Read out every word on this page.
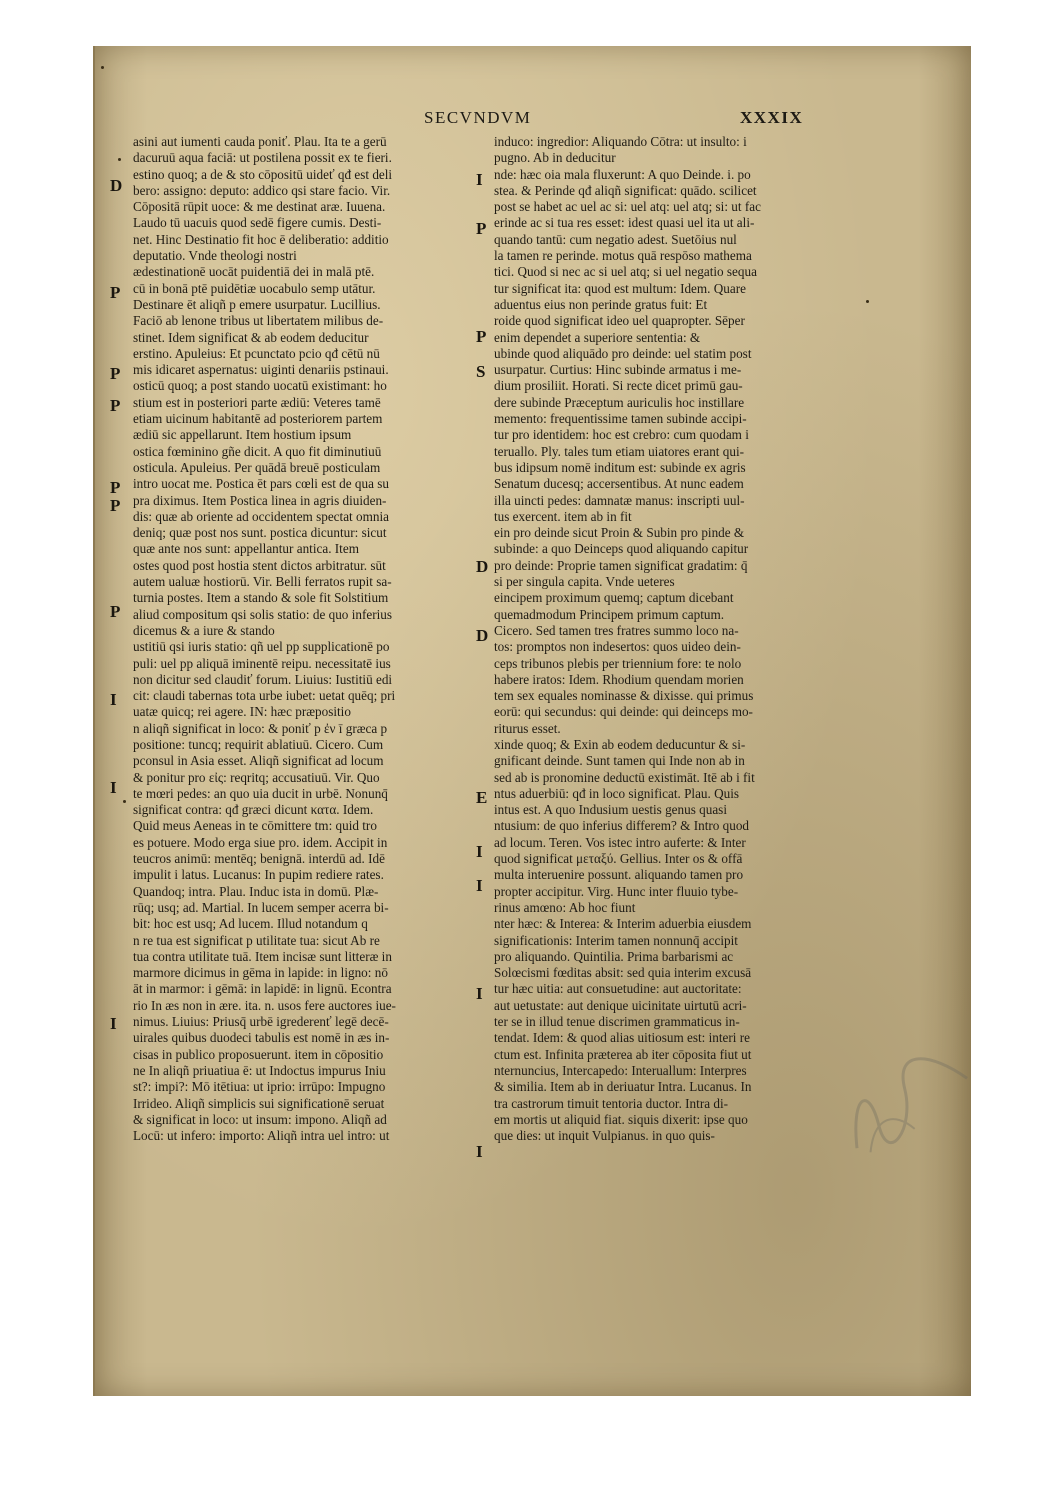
SECVNDVM	XXXIX
asini aut iumenti cauda poniť. Plau. Ita te a gerū
dacuruū aqua faciā: ut postilena possit ex te fieri.
estino quoq; a de & sto cōpositū uideť qđ est deli
bero: assigno: deputo: addico qsi stare facio. Vir.
Cōpositā rūpit uoce: & me destinat aræ. Iuuena.
Laudo tū uacuis quod sedē figere cumis. Desti-
net. Hinc Destinatio fit hoc ē deliberatio: additio
deputatio. Vnde theologi nostri
ædestinationē uocāt puidentiā dei in malā ptē.
cū in bonā ptē puidētiæ uocabulo semp utātur.
Destinare ēt aliqñ p emere usurpatur. Lucillius.
Faciō ab lenone tribus ut libertatem milibus de-
stinet. Idem significat & ab eodem deducitur
erstino. Apuleius: Et pcunctato pcio qđ cētū nū
mis idicaret aspernatus: uiginti denariis pstinaui.
osticū quoq; a post stando uocatū existimant: ho
stium est in posteriori parte ædiū: Veteres tamē
etiam uicinum habitantē ad posteriorem partem
ædiū sic appellarunt. Item hostium ipsum
ostica fœminino gñe dicit. A quo fit diminutiuū
osticula. Apuleius. Per quādā breuē posticulam
intro uocat me. Postica ēt pars cœli est de qua su
pra diximus. Item Postica linea in agris diuiden-
dis: quæ ab oriente ad occidentem spectat omnia
deniq; quæ post nos sunt. postica dicuntur: sicut
quæ ante nos sunt: appellantur antica. Item
ostes quod post hostia stent dictos arbitratur. sūt
autem ualuæ hostiorū. Vir. Belli ferratos rupit sa-
turnia postes. Item a stando & sole fit Solstitium
aliud compositum qsi solis statio: de quo inferius
dicemus & a iure & stando
ustitiū qsi iuris statio: qñ uel pp supplicationē po
puli: uel pp aliquā iminentē reipu. necessitatē ius
non dicitur sed claudiť forum. Liuius: Iustitiū edi
cit: claudi tabernas tota urbe iubet: uetat quēq; pri
uatæ quicq; rei agere. IN: hæc præpositio
n aliqñ significat in loco: & poniť p ἐν ī græca p
positione: tuncq; requirit ablatiuū. Cicero. Cum
pconsul in Asia esset. Aliqñ significat ad locum
& ponitur pro εἰς: reqritq; accusatiuū. Vir. Quo
te mœri pedes: an quo uia ducit in urbē. Nonunq̄
significat contra: qđ græci dicunt κατα. Idem.
Quid meus Aeneas in te cōmittere tm: quid tro
es potuere. Modo erga siue pro. idem. Accipit in
teucros animū: mentēq; benignā. interdū ad. Idē
impulit i latus. Lucanus: In pupim rediere rates.
Quandoq; intra. Plau. Induc ista in domū. Plæ-
rūq; usq; ad. Martial. In lucem semper acerra bi-
bit: hoc est usq; Ad lucem. Illud notandum q
n re tua est significat p utilitate tua: sicut Ab re
tua contra utilitate tuā. Item incisæ sunt litteræ in
marmore dicimus in gēma in lapide: in ligno: nō
āt in marmor: i gēmā: in lapidē: in lignū. Econtra
rio In æs non in ære. ita. n. usos fere auctores iue-
nimus. Liuius: Priusq̄ urbē igrederenť legē decē-
uirales quibus duodeci tabulis est nomē in æs in-
cisas in publico proposuerunt. item in cōpositio
ne In aliqñ priuatiua ē: ut Indoctus impurus Iniu
st?: impi?: Mō itētiua: ut iprio: irrūpo: Impugno
Irrideo. Aliqñ simplicis sui significationē seruat
& significat in loco: ut insum: impono. Aliqñ ad
Locū: ut infero: importo: Aliqñ intra uel intro: ut
induco: ingredior: Aliquando Cōtra: ut insulto: i
pugno. Ab in deducitur
nde: hæc oia mala fluxerunt: A quo Deinde. i. po
stea. & Perinde qđ aliqñ significat: quādo. scilicet
post se habet ac uel ac si: uel atq: uel atq; si: ut fac
erinde ac si tua res esset: idest quasi uel ita ut ali-
quando tantū: cum negatio adest. Suetōius nul
la tamen re perinde. motus quā respōso mathema
tici. Quod si nec ac si uel atq; si uel negatio sequa
tur significat ita: quod est multum: Idem. Quare
aduentus eius non perinde gratus fuit: Et
roide quod significat ideo uel quapropter. Sēper
enim dependet a superiore sententia: &
ubinde quod aliquādo pro deinde: uel statim post
usurpatur. Curtius: Hinc subinde armatus i me-
dium prosiliit. Horati. Si recte dicet primū gau-
dere subinde Præceptum auriculis hoc instillare
memento: frequentissime tamen subinde accipi-
tur pro identidem: hoc est crebro: cum quodam i
teruallo. Ply. tales tum etiam uiatores erant qui-
bus idipsum nomē inditum est: subinde ex agris
Senatum ducesq; accersentibus. At nunc eadem
illa uincti pedes: damnatæ manus: inscripti uul-
tus exercent. item ab in fit
ein pro deinde sicut Proin & Subin pro pinde &
subinde: a quo Deinceps quod aliquando capitur
pro deinde: Proprie tamen significat gradatim: q̄
si per singula capita. Vnde ueteres
eincipem proximum quemq; captum dicebant
quemadmodum Principem primum captum.
Cicero. Sed tamen tres fratres summo loco na-
tos: promptos non indesertos: quos uideo dein-
ceps tribunos plebis per triennium fore: te nolo
habere iratos: Idem. Rhodium quendam morien
tem sex equales nominasse & dixisse. qui primus
eorū: qui secundus: qui deinde: qui deinceps mo-
riturus esset.
xinde quoq; & Exin ab eodem deducuntur & si-
gnificant deinde. Sunt tamen qui Inde non ab in
sed ab is pronomine deductū existimāt. Itē ab i fit
ntus aduerbiū: qđ in loco significat. Plau. Quis
intus est. A quo Indusium uestis genus quasi
ntusium: de quo inferius differem? & Intro quod
ad locum. Teren. Vos istec intro auferte: & Inter
quod significat μεταξύ. Gellius. Inter os & offā
multa interuenire possunt. aliquando tamen pro
propter accipitur. Virg. Hunc inter fluuio tybe-
rinus amœno: Ab hoc fiunt
nter hæc: & Interea: & Interim aduerbia eiusdem
significationis: Interim tamen nonnunq̄ accipit
pro aliquando. Quintilia. Prima barbarismi ac
Solœcismi fœditas absit: sed quia interim excusā
tur hæc uitia: aut consuetudine: aut auctoritate:
aut uetustate: aut denique uicinitate uirtutū acri-
ter se in illud tenue discrimen grammaticus in-
tendat. Idem: & quod alias uitiosum est: interi re
ctum est. Infinita præterea ab iter cōposita fiut ut
nternuncius, Intercapedo: Interuallum: Interpres
& similia. Item ab in deriuatur Intra. Lucanus. In
tra castrorum timuit tentoria ductor. Intra di-
em mortis ut aliquid fiat. siquis dixerit: ipse quo
que dies: ut inquit Vulpianus. in quo quis-
D
P
P
P
P
P
P
I
I
I
I
P
P
S
D
D
E
I
I
I
I
